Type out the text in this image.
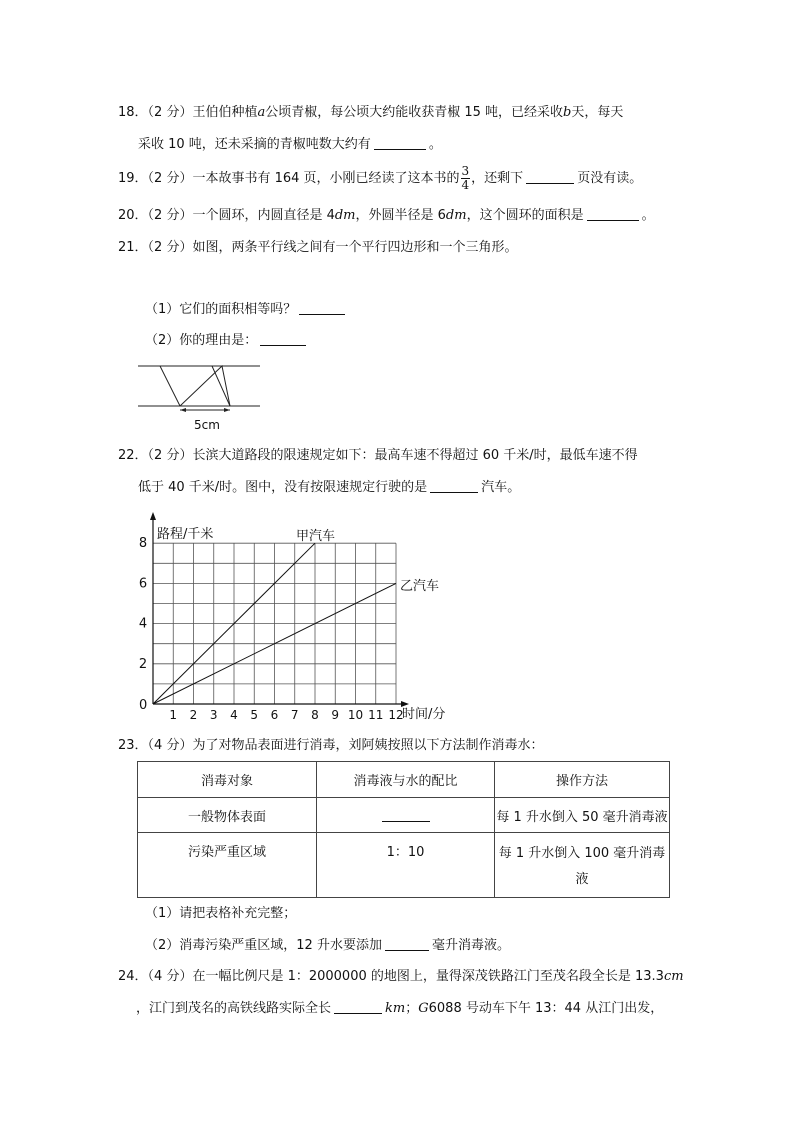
18．（2 分）王伯伯种植a公顷青椒，每公顷大约能收获青椒 15 吨，已经采收b天，每天
采收 10 吨，还未采摘的青椒吨数大约有	。
19．（2 分）一本故事书有 164 页，小刚已经读了这本书的 $\frac{3}{4}$ ，还剩下	页没有读。
20．（2 分）一个圆环，内圆直径是 4dm，外圆半径是 6dm，这个圆环的面积是	。
21．（2 分）如图，两条平行线之间有一个平行四边形和一个三角形。
（1）它们的面积相等吗？
（2）你的理由是：
5cm
22．（2 分）长滨大道路段的限速规定如下：最高车速不得超过 60 千米/时，最低车速不得
低于 40 千米/时。图中，没有按限速规定行驶的是	汽车。
甲汽车
乙汽车
路程/千米
时间/分
0
1 2 3 4 5 6 7 8 9 10 11 12
2
4
6
8
23．（4 分）为了对物品表面进行消毒，刘阿姨按照以下方法制作消毒水：
消毒对象	消毒液与水的配比	操作方法
一般物体表面		每 1 升水倒入 50 毫升消毒液
污染严重区域	1：10	每 1 升水倒入 100 毫升消毒
液
（1）请把表格补充完整；
（2）消毒污染严重区域，12 升水要添加	毫升消毒液。
24．（4 分）在一幅比例尺是 1：2000000 的地图上，量得深茂铁路江门至茂名段全长是 13.3cm
，江门到茂名的高铁线路实际全长	km；G6088 号动车下午 13：44 从江门出发，
